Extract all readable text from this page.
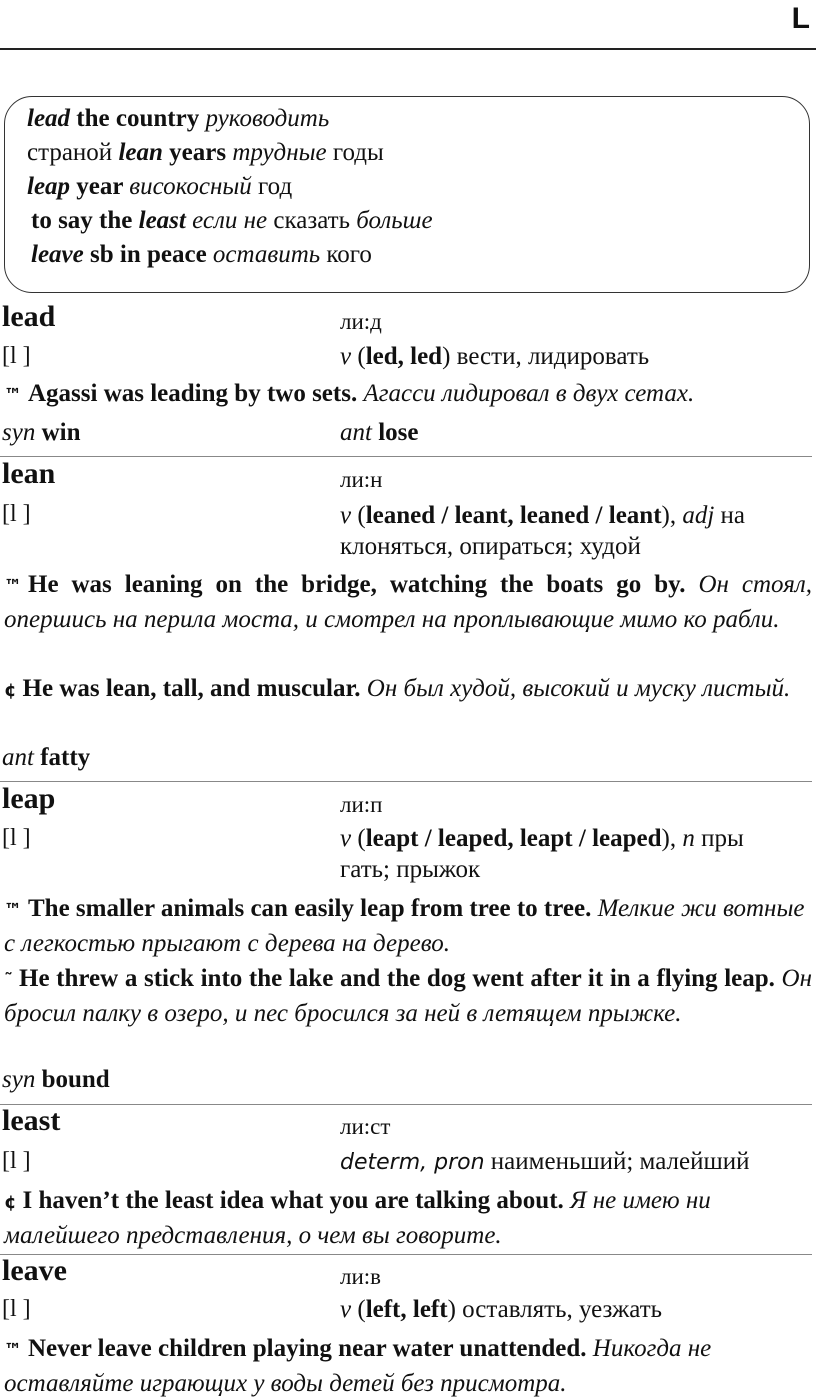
L
lead the country руководить
страной lean years трудные годы
leap year високосный год
to say the least если не сказать больше
leave sb in peace оставить кого
lead	ли:д
[l ]	v (led, led) вести, лидировать
™ Agassi was leading by two sets. Агасси лидировал в двух сетах.
syn win	ant lose
lean	ли:н
[l ]	v (leaned / leant, leaned / leant), adj на
клоняться, опираться; худой
™ He was leaning on the bridge, watching the boats go by. Он стоял, опершись на перила моста, и смотрел на проплывающие мимо ко рабли.
¢ He was lean, tall, and muscular. Он был худой, высокий и муску листый.
ant fatty
leap	ли:п
[l ]	v (leapt / leaped, leapt / leaped), n пры
гать; прыжок
™ The smaller animals can easily leap from tree to tree. Мелкие жи вотные с легкостью прыгают с дерева на дерево.
˜ He threw a stick into the lake and the dog went after it in a flying leap. Он бросил палку в озеро, и пес бросился за ней в летящем прыжке.
syn bound
least	ли:ст
[l ]	determ, pron наименьший; малейший
¢ I haven’t the least idea what you are talking about. Я не имею ни малейшего представления, о чем вы говорите.
leave	ли:в
[l ]	v (left, left) оставлять, уезжать
™ Never leave children playing near water unattended. Никогда не оставляйте играющих у воды детей без присмотра.
